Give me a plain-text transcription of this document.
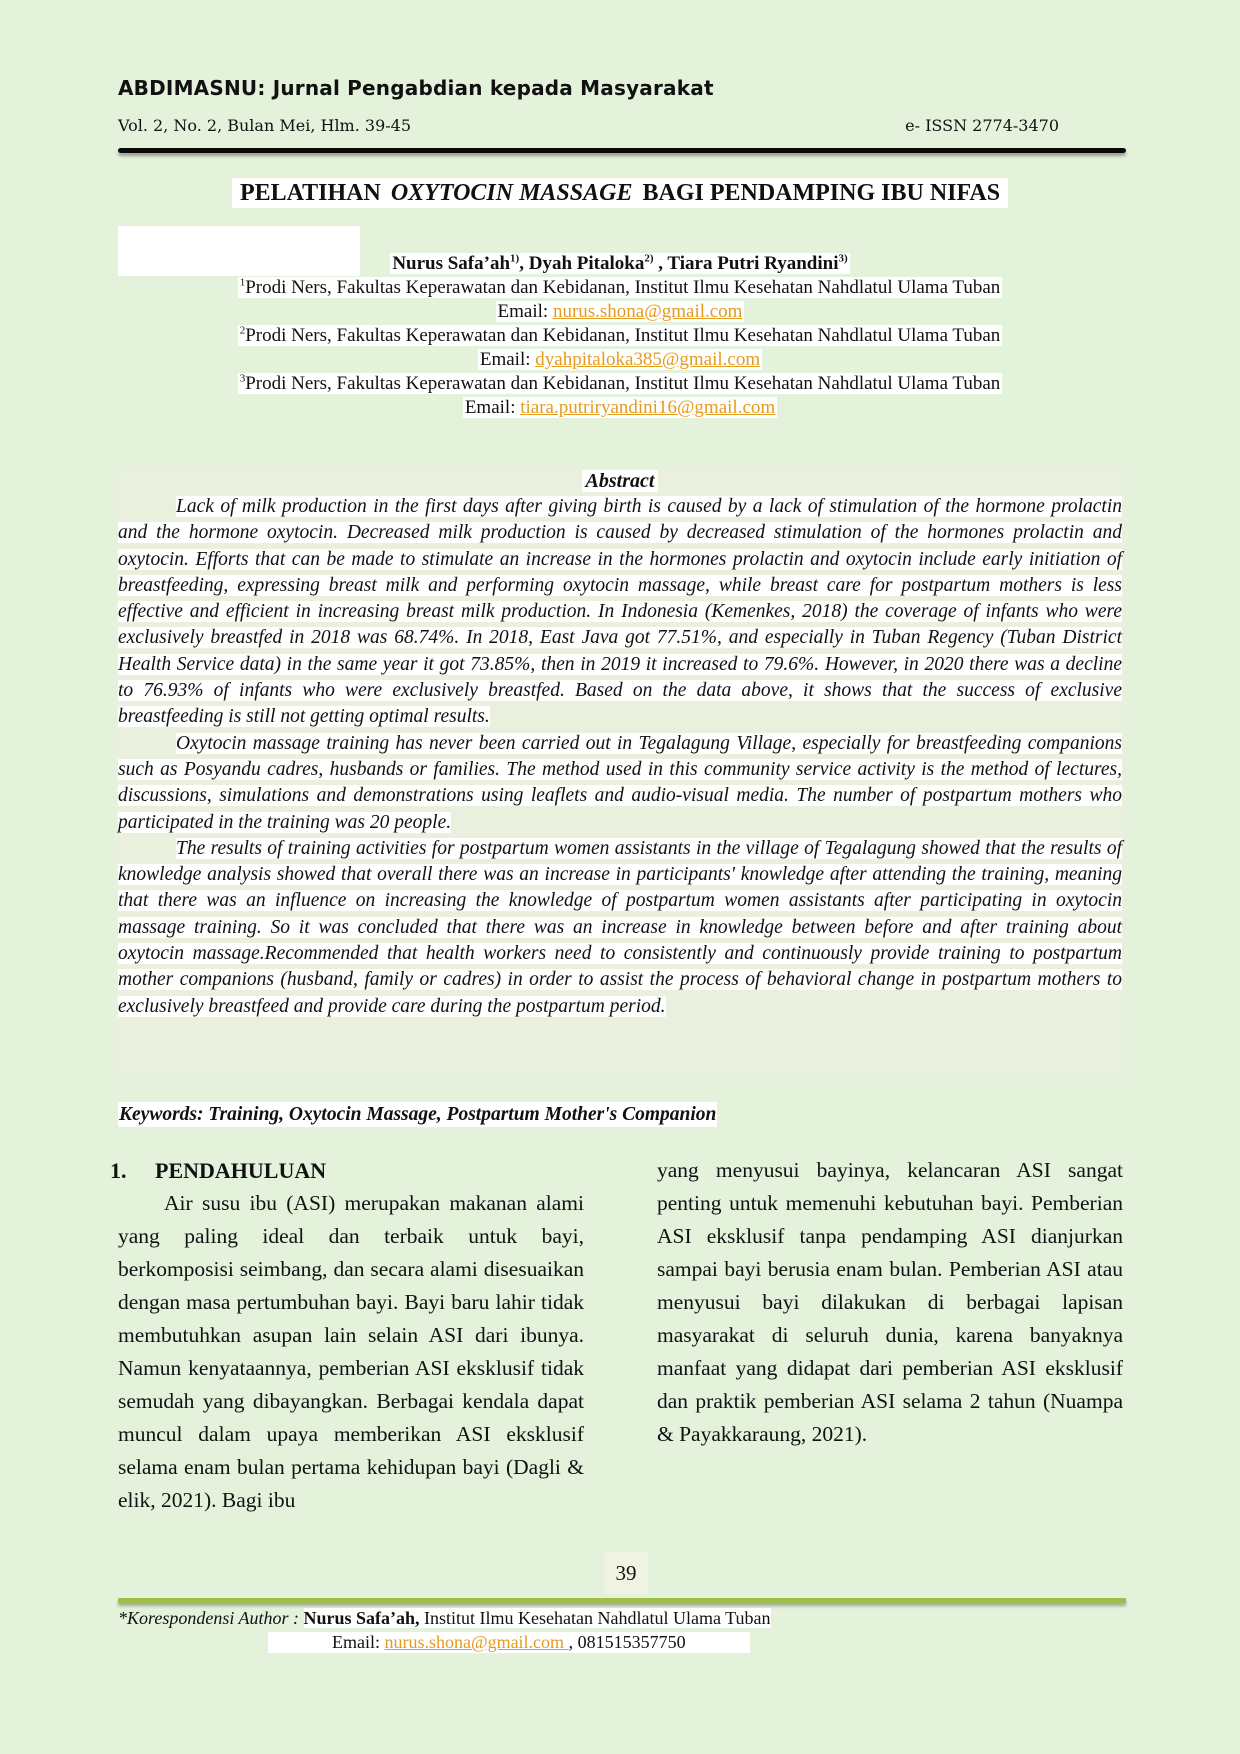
ABDIMASNU: Jurnal Pengabdian kepada Masyarakat
Vol. 2, No. 2, Bulan Mei, Hlm. 39-45	e- ISSN 2774-3470
PELATIHAN OXYTOCIN MASSAGE BAGI PENDAMPING IBU NIFAS
Nurus $Safa’ah^{1)}$, Dyah Pitaloka$^{2)}$ , Tiara Putri Ryandini$^{3)}$
$^1$Prodi Ners, Fakultas Keperawatan dan Kebidanan, Institut Ilmu Kesehatan Nahdlatul Ulama Tuban
Email: nurus.shona@gmail.com
$^2$Prodi Ners, Fakultas Keperawatan dan Kebidanan, Institut Ilmu Kesehatan Nahdlatul Ulama Tuban
Email: dyahpitaloka385@gmail.com
$^3$Prodi Ners, Fakultas Keperawatan dan Kebidanan, Institut Ilmu Kesehatan Nahdlatul Ulama Tuban
Email: tiara.putriryandini16@gmail.com
Abstract

Lack of milk production in the first days after giving birth is caused by a lack of stimulation of the hormone prolactin and the hormone oxytocin. Decreased milk production is caused by decreased stimulation of the hormones prolactin and oxytocin. Efforts that can be made to stimulate an increase in the hormones prolactin and oxytocin include early initiation of breastfeeding, expressing breast milk and performing oxytocin massage, while breast care for postpartum mothers is less effective and efficient in increasing breast milk production. In Indonesia (Kemenkes, 2018) the coverage of infants who were exclusively breastfed in 2018 was 68.74%. In 2018, East Java got 77.51%, and especially in Tuban Regency (Tuban District Health Service data) in the same year it got 73.85%, then in 2019 it increased to 79.6%. However, in 2020 there was a decline to 76.93% of infants who were exclusively breastfed. Based on the data above, it shows that the success of exclusive breastfeeding is still not getting optimal results.

Oxytocin massage training has never been carried out in Tegalagung Village, especially for breastfeeding companions such as Posyandu cadres, husbands or families. The method used in this community service activity is the method of lectures, discussions, simulations and demonstrations using leaflets and audio-visual media. The number of postpartum mothers who participated in the training was 20 people.

The results of training activities for postpartum women assistants in the village of Tegalagung showed that the results of knowledge analysis showed that overall there was an increase in participants' knowledge after attending the training, meaning that there was an influence on increasing the knowledge of postpartum women assistants after participating in oxytocin massage training. So it was concluded that there was an increase in knowledge between before and after training about oxytocin massage.Recommended that health workers need to consistently and continuously provide training to postpartum mother companions (husband, family or cadres) in order to assist the process of behavioral change in postpartum mothers to exclusively breastfeed and provide care during the postpartum period.

Keywords: Training, Oxytocin Massage, Postpartum Mother's Companion
1. PENDAHULUAN

Air susu ibu (ASI) merupakan makanan alami yang paling ideal dan terbaik untuk bayi, berkomposisi seimbang, dan secara alami disesuaikan dengan masa pertumbuhan bayi. Bayi baru lahir tidak membutuhkan asupan lain selain ASI dari ibunya. Namun kenyataannya, pemberian ASI eksklusif tidak semudah yang dibayangkan. Berbagai kendala dapat muncul dalam upaya memberikan ASI eksklusif selama enam bulan pertama kehidupan bayi (Dagli & elik, 2021). Bagi ibu

yang menyusui bayinya, kelancaran ASI sangat penting untuk memenuhi kebutuhan bayi. Pemberian ASI eksklusif tanpa pendamping ASI dianjurkan sampai bayi berusia enam bulan. Pemberian ASI atau menyusui bayi dilakukan di berbagai lapisan masyarakat di seluruh dunia, karena banyaknya manfaat yang didapat dari pemberian ASI eksklusif dan praktik pemberian ASI selama 2 tahun (Nuampa & Payakkaraung, 2021).

39
*Korespondensi Author : Nurus Safa’ah, Institut Ilmu Kesehatan Nahdlatul Ulama Tuban
Email: nurus.shona@gmail.com , 081515357750
